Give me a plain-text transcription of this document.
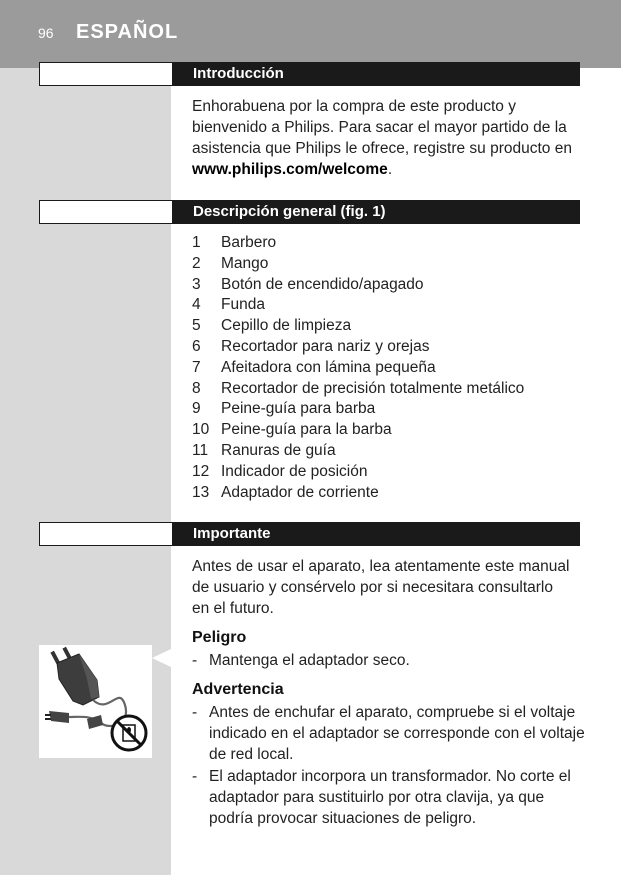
96 ESPAÑOL
Introducción
Enhorabuena por la compra de este producto y bienvenido a Philips. Para sacar el mayor partido de la asistencia que Philips le ofrece, registre su producto en www.philips.com/welcome.
Descripción general (fig. 1)
1 Barbero
2 Mango
3 Botón de encendido/apagado
4 Funda
5 Cepillo de limpieza
6 Recortador para nariz y orejas
7 Afeitadora con lámina pequeña
8 Recortador de precisión totalmente metálico
9 Peine-guía para barba
10 Peine-guía para la barba
11 Ranuras de guía
12 Indicador de posición
13 Adaptador de corriente
Importante
Antes de usar el aparato, lea atentamente este manual de usuario y consérvelo por si necesitara consultarlo en el futuro.
Peligro
- Mantenga el adaptador seco.
Advertencia
- Antes de enchufar el aparato, compruebe si el voltaje indicado en el adaptador se corresponde con el voltaje de red local.
- El adaptador incorpora un transformador. No corte el adaptador para sustituirlo por otra clavija, ya que podría provocar situaciones de peligro.
